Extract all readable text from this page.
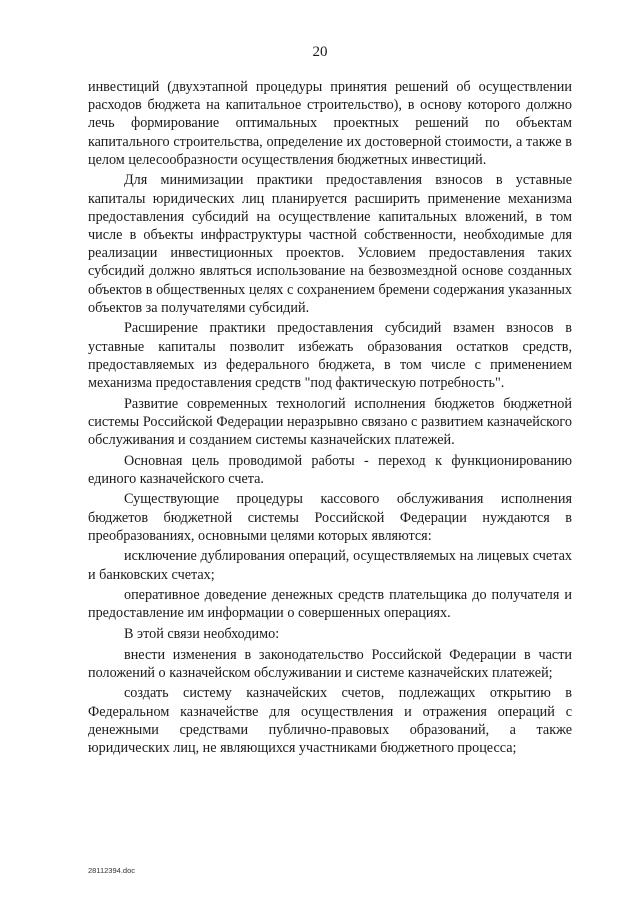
20

инвестиций (двухэтапной процедуры принятия решений об осуществлении расходов бюджета на капитальное строительство), в основу которого должно лечь формирование оптимальных проектных решений по объектам капитального строительства, определение их достоверной стоимости, а также в целом целесообразности осуществления бюджетных инвестиций.

Для минимизации практики предоставления взносов в уставные капиталы юридических лиц планируется расширить применение механизма предоставления субсидий на осуществление капитальных вложений, в том числе в объекты инфраструктуры частной собственности, необходимые для реализации инвестиционных проектов. Условием предоставления таких субсидий должно являться использование на безвозмездной основе созданных объектов в общественных целях с сохранением бремени содержания указанных объектов за получателями субсидий.

Расширение практики предоставления субсидий взамен взносов в уставные капиталы позволит избежать образования остатков средств, предоставляемых из федерального бюджета, в том числе с применением механизма предоставления средств "под фактическую потребность".

Развитие современных технологий исполнения бюджетов бюджетной системы Российской Федерации неразрывно связано с развитием казначейского обслуживания и созданием системы казначейских платежей.

Основная цель проводимой работы - переход к функционированию единого казначейского счета.

Существующие процедуры кассового обслуживания исполнения бюджетов бюджетной системы Российской Федерации нуждаются в преобразованиях, основными целями которых являются:

исключение дублирования операций, осуществляемых на лицевых счетах и банковских счетах;

оперативное доведение денежных средств плательщика до получателя и предоставление им информации о совершенных операциях.

В этой связи необходимо:

внести изменения в законодательство Российской Федерации в части положений о казначейском обслуживании и системе казначейских платежей;

создать систему казначейских счетов, подлежащих открытию в Федеральном казначействе для осуществления и отражения операций с денежными средствами публично-правовых образований, а также юридических лиц, не являющихся участниками бюджетного процесса;

28112394.doc
